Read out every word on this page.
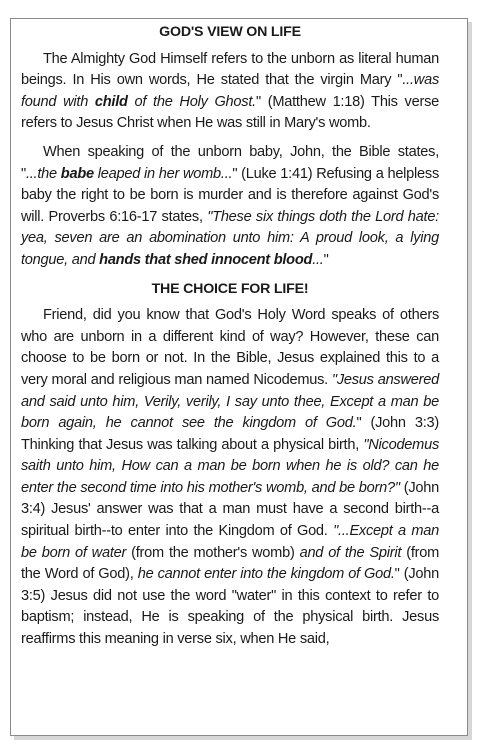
GOD'S VIEW ON LIFE

The Almighty God Himself refers to the unborn as literal human beings. In His own words, He stated that the virgin Mary "...was found with child of the Holy Ghost." (Matthew 1:18) This verse refers to Jesus Christ when He was still in Mary's womb.

When speaking of the unborn baby, John, the Bible states, "...the babe leaped in her womb..." (Luke 1:41) Refusing a helpless baby the right to be born is murder and is therefore against God's will. Proverbs 6:16-17 states, "These six things doth the Lord hate: yea, seven are an abomination unto him: A proud look, a lying tongue, and hands that shed innocent blood..."

THE CHOICE FOR LIFE!

Friend, did you know that God's Holy Word speaks of others who are unborn in a different kind of way? However, these can choose to be born or not. In the Bible, Jesus explained this to a very moral and religious man named Nicodemus. "Jesus answered and said unto him, Verily, verily, I say unto thee, Except a man be born again, he cannot see the kingdom of God." (John 3:3) Thinking that Jesus was talking about a physical birth, "Nicodemus saith unto him, How can a man be born when he is old? can he enter the second time into his mother's womb, and be born?" (John 3:4) Jesus' answer was that a man must have a second birth--a spiritual birth--to enter into the Kingdom of God. "...Except a man be born of water (from the mother's womb) and of the Spirit (from the Word of God), he cannot enter into the kingdom of God." (John 3:5) Jesus did not use the word "water" in this context to refer to baptism; instead, He is speaking of the physical birth. Jesus reaffirms this meaning in verse six, when He said,
